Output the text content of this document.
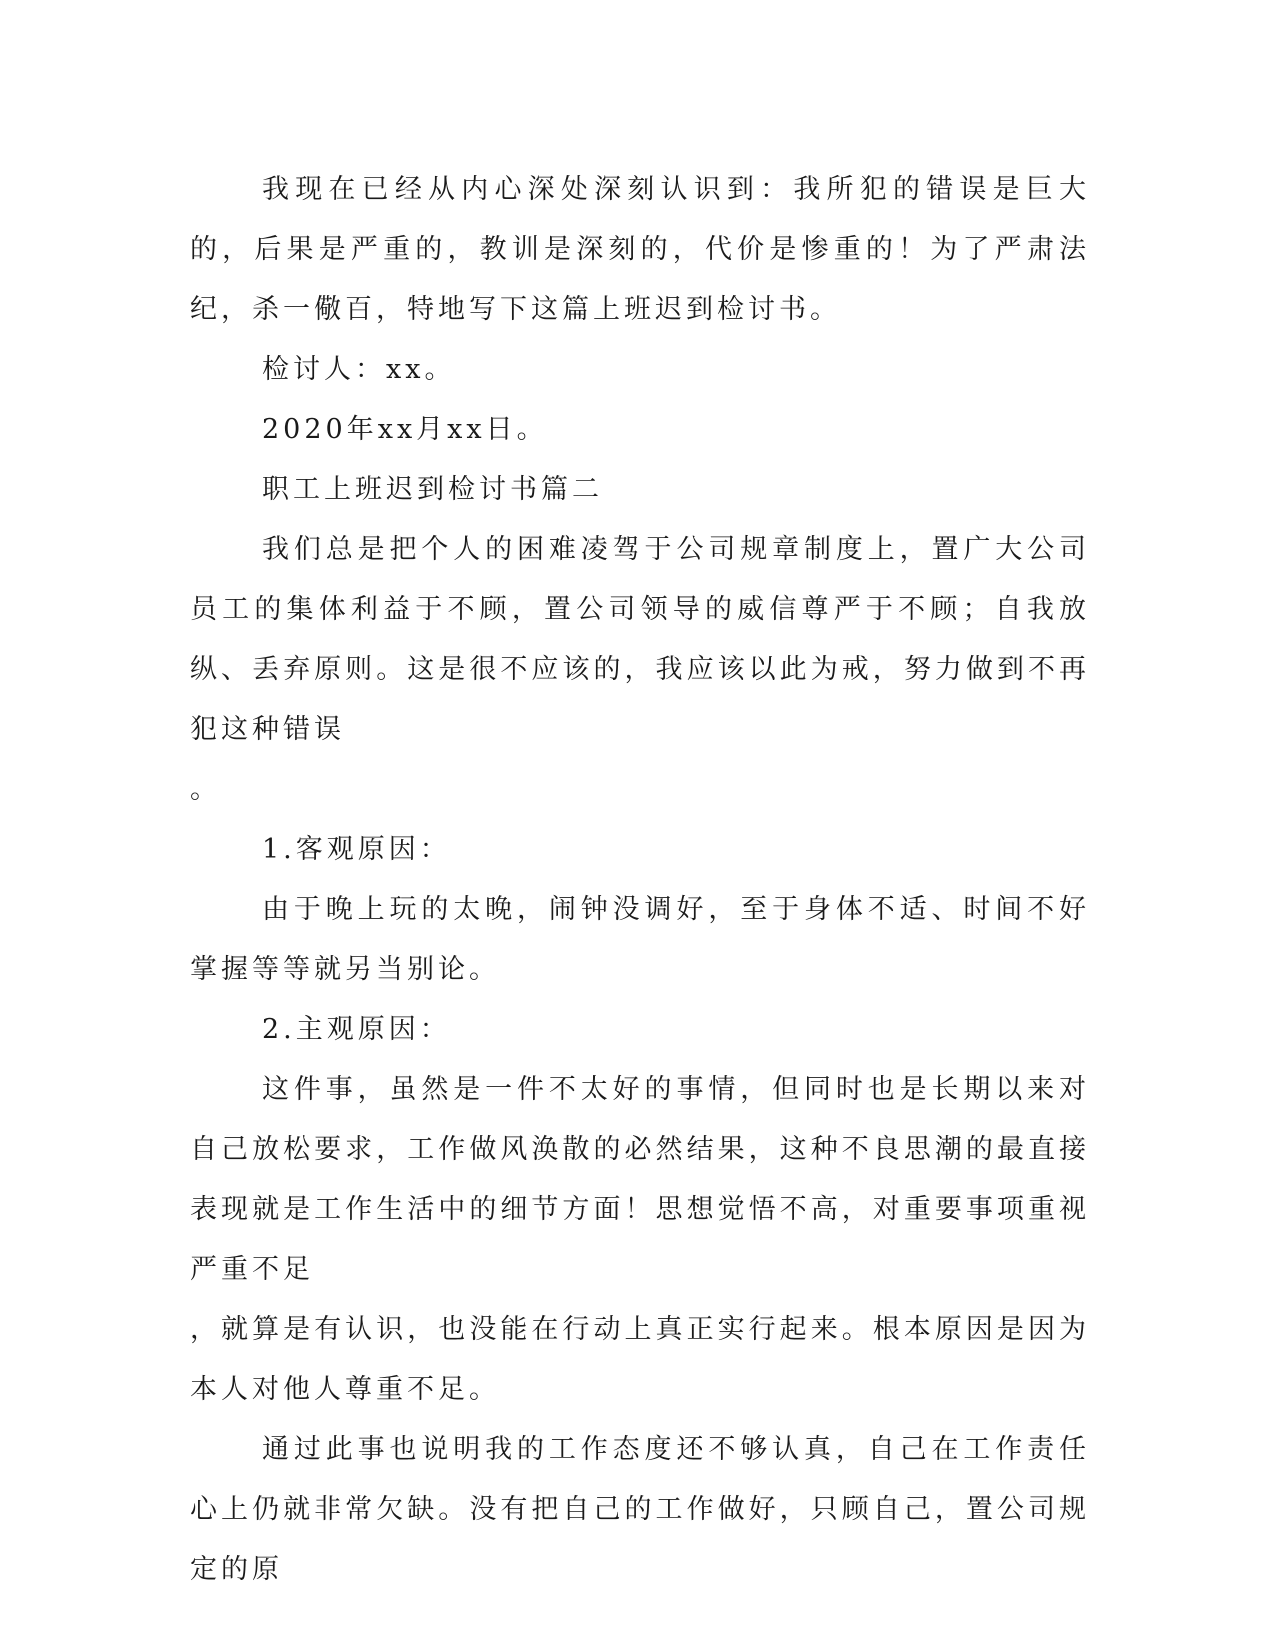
我现在已经从内心深处深刻认识到：我所犯的错误是巨大的，后果是严重的，教训是深刻的，代价是惨重的！为了严肃法纪，杀一儆百，特地写下这篇上班迟到检讨书。

检讨人：xx。

2020年xx月xx日。

职工上班迟到检讨书篇二

我们总是把个人的困难凌驾于公司规章制度上，置广大公司员工的集体利益于不顾，置公司领导的威信尊严于不顾；自我放纵、丢弃原则。这是很不应该的，我应该以此为戒，努力做到不再犯这种错误

。

1.客观原因：

由于晚上玩的太晚，闹钟没调好，至于身体不适、时间不好掌握等等就另当别论。

2.主观原因：

这件事，虽然是一件不太好的事情，但同时也是长期以来对自己放松要求，工作做风涣散的必然结果，这种不良思潮的最直接表现就是工作生活中的细节方面！思想觉悟不高，对重要事项重视严重不足

，就算是有认识，也没能在行动上真正实行起来。根本原因是因为本人对他人尊重不足。

通过此事也说明我的工作态度还不够认真，自己在工作责任心上仍就非常欠缺。没有把自己的工作做好，只顾自己，置公司规定的原
